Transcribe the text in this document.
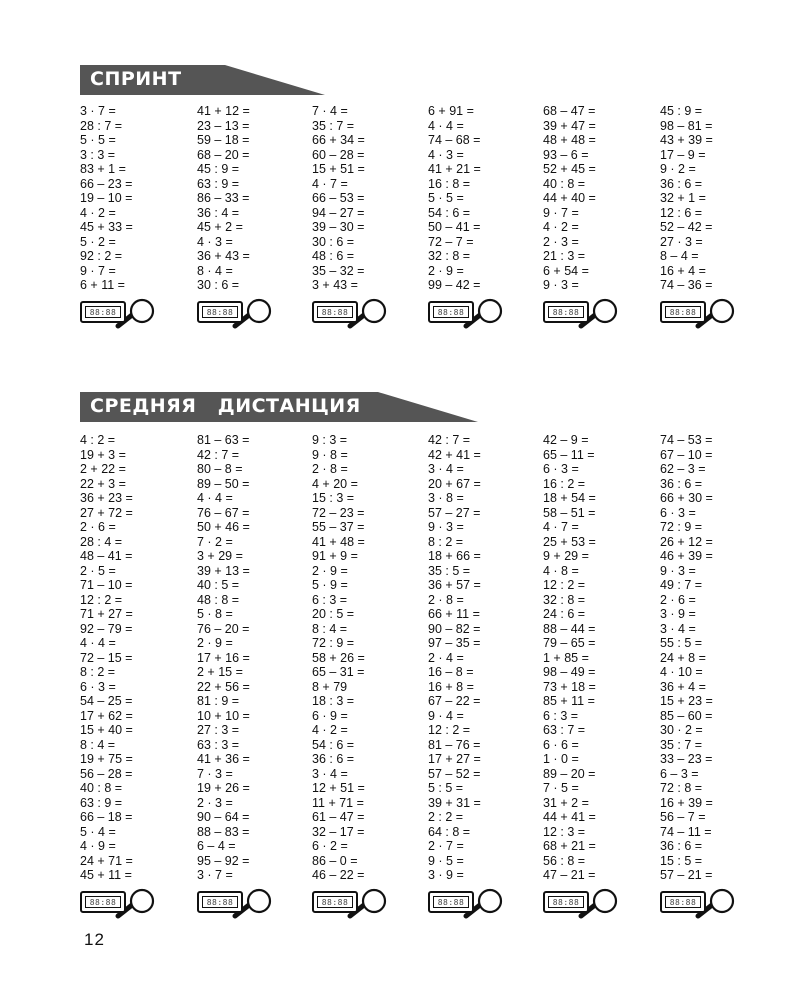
СПРИНТ
3 · 7 =
28 : 7 =
5 · 5 =
3 : 3 =
83 + 1 =
66 – 23 =
19 – 10 =
4 · 2 =
45 + 33 =
5 · 2 =
92 : 2 =
9 · 7 =
6 + 11 =
41 + 12 =
23 – 13 =
59 – 18 =
68 – 20 =
45 : 9 =
63 : 9 =
86 – 33 =
36 : 4 =
45 + 2 =
4 · 3 =
36 + 43 =
8 · 4 =
30 : 6 =
7 · 4 =
35 : 7 =
66 + 34 =
60 – 28 =
15 + 51 =
4 · 7 =
66 – 53 =
94 – 27 =
39 – 30 =
30 : 6 =
48 : 6 =
35 – 32 =
3 + 43 =
6 + 91 =
4 · 4 =
74 – 68 =
4 · 3 =
41 + 21 =
16 : 8 =
5 · 5 =
54 : 6 =
50 – 41 =
72 – 7 =
32 : 8 =
2 · 9 =
99 – 42 =
68 – 47 =
39 + 47 =
48 + 48 =
93 – 6 =
52 + 45 =
40 : 8 =
44 + 40 =
9 · 7 =
4 · 2 =
2 · 3 =
21 : 3 =
6 + 54 =
9 · 3 =
45 : 9 =
98 – 81 =
43 + 39 =
17 – 9 =
9 · 2 =
36 : 6 =
32 + 1 =
12 : 6 =
52 – 42 =
27 · 3 =
8 – 4 =
16 + 4 =
74 – 36 =
88:88	88:88	88:88	88:88	88:88	88:88
СРЕДНЯЯ   ДИСТАНЦИЯ
4 : 2 =
19 + 3 =
2 + 22 =
22 + 3 =
36 + 23 =
27 + 72 =
2 · 6 =
28 : 4 =
48 – 41 =
2 · 5 =
71 – 10 =
12 : 2 =
71 + 27 =
92 – 79 =
4 · 4 =
72 – 15 =
8 : 2 =
6 · 3 =
54 – 25 =
17 + 62 =
15 + 40 =
8 : 4 =
19 + 75 =
56 – 28 =
40 : 8 =
63 : 9 =
66 – 18 =
5 · 4 =
4 · 9 =
24 + 71 =
45 + 11 =
81 – 63 =
42 : 7 =
80 – 8 =
89 – 50 =
4 · 4 =
76 – 67 =
50 + 46 =
7 · 2 =
3 + 29 =
39 + 13 =
40 : 5 =
48 : 8 =
5 · 8 =
76 – 20 =
2 · 9 =
17 + 16 =
2 + 15 =
22 + 56 =
81 : 9 =
10 + 10 =
27 : 3 =
63 : 3 =
41 + 36 =
7 · 3 =
19 + 26 =
2 · 3 =
90 – 64 =
88 – 83 =
6 – 4 =
95 – 92 =
3 · 7 =
9 : 3 =
9 · 8 =
2 · 8 =
4 + 20 =
15 : 3 =
72 – 23 =
55 – 37 =
41 + 48 =
91 + 9 =
2 · 9 =
5 · 9 =
6 : 3 =
20 : 5 =
8 : 4 =
72 : 9 =
58 + 26 =
65 – 31 =
8 + 79
18 : 3 =
6 · 9 =
4 · 2 =
54 : 6 =
36 : 6 =
3 · 4 =
12 + 51 =
11 + 71 =
61 – 47 =
32 – 17 =
6 · 2 =
86 – 0 =
46 – 22 =
42 : 7 =
42 + 41 =
3 · 4 =
20 + 67 =
3 · 8 =
57 – 27 =
9 · 3 =
8 : 2 =
18 + 66 =
35 : 5 =
36 + 57 =
2 · 8 =
66 + 11 =
90 – 82 =
97 – 35 =
2 · 4 =
16 – 8 =
16 + 8 =
67 – 22 =
9 · 4 =
12 : 2 =
81 – 76 =
17 + 27 =
57 – 52 =
5 : 5 =
39 + 31 =
2 : 2 =
64 : 8 =
2 · 7 =
9 · 5 =
3 · 9 =
42 – 9 =
65 – 11 =
6 · 3 =
16 : 2 =
18 + 54 =
58 – 51 =
4 · 7 =
25 + 53 =
9 + 29 =
4 · 8 =
12 : 2 =
32 : 8 =
24 : 6 =
88 – 44 =
79 – 65 =
1 + 85 =
98 – 49 =
73 + 18 =
85 + 11 =
6 : 3 =
63 : 7 =
6 · 6 =
1 · 0 =
89 – 20 =
7 · 5 =
31 + 2 =
44 + 41 =
12 : 3 =
68 + 21 =
56 : 8 =
47 – 21 =
74 – 53 =
67 – 10 =
62 – 3 =
36 : 6 =
66 + 30 =
6 · 3 =
72 : 9 =
26 + 12 =
46 + 39 =
9 · 3 =
49 : 7 =
2 · 6 =
3 · 9 =
3 · 4 =
55 : 5 =
24 + 8 =
4 · 10 =
36 + 4 =
15 + 23 =
85 – 60 =
30 · 2 =
35 : 7 =
33 – 23 =
6 – 3 =
72 : 8 =
16 + 39 =
56 – 7 =
74 – 11 =
36 : 6 =
15 : 5 =
57 – 21 =
88:88	88:88	88:88	88:88	88:88	88:88
12
